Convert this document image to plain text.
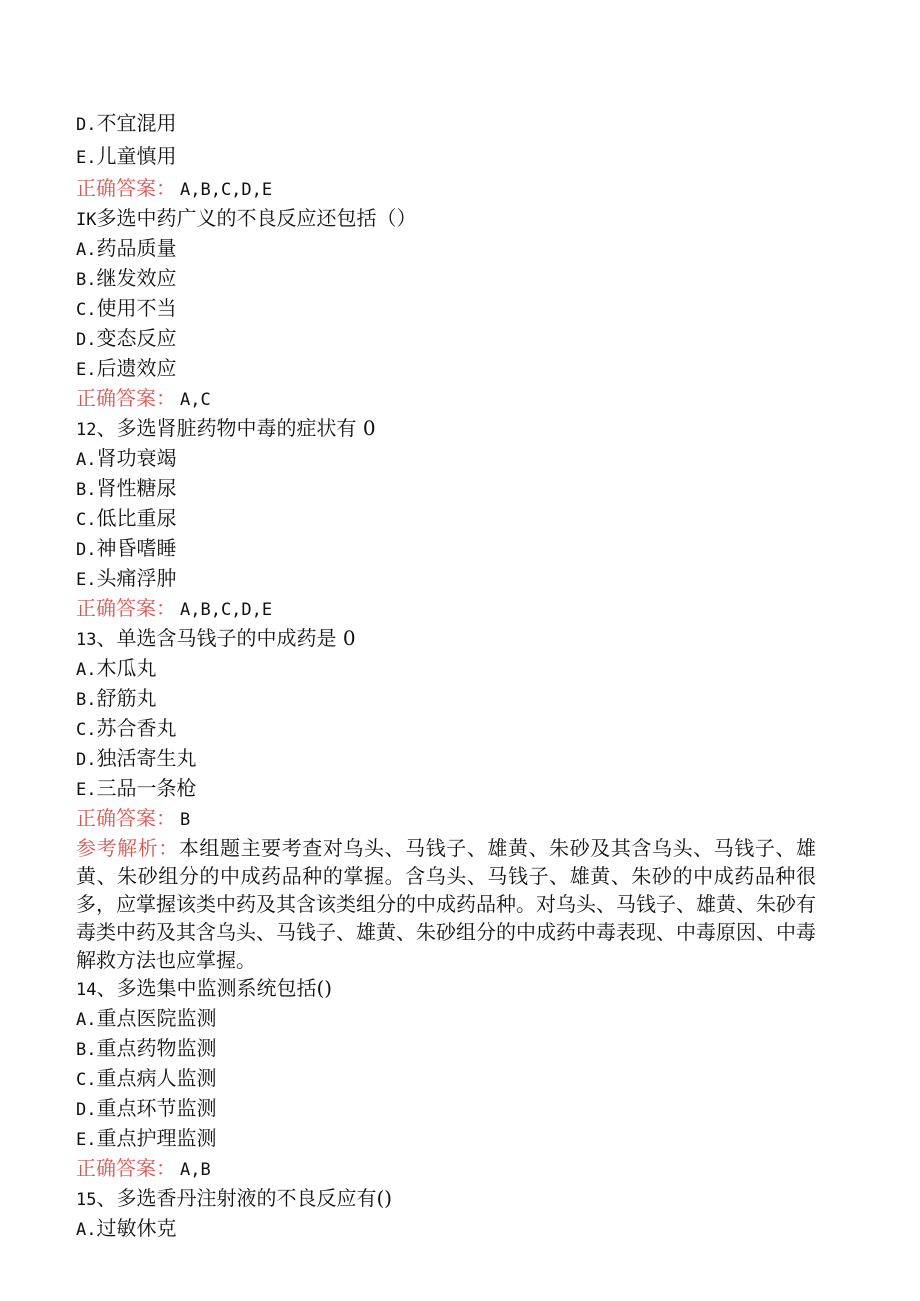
D.不宜混用

E.儿童慎用

正确答案： A,B,C,D,E

IK多选中药广义的不良反应还包括（）

A.药品质量

B.继发效应

C.使用不当

D.变态反应

E.后遗效应

正确答案： A,C

12、多选肾脏药物中毒的症状有 0

A.肾功衰竭

B.肾性糖尿

C.低比重尿

D.神昏嗜睡

E.头痛浮肿

正确答案： A,B,C,D,E

13、单选含马钱子的中成药是 0

A.木瓜丸

B.舒筋丸

C.苏合香丸

D.独活寄生丸

E.三品一条枪

正确答案： B

参考解析：本组题主要考查对乌头、马钱子、雄黄、朱砂及其含乌头、马钱子、雄黄、朱砂组分的中成药品种的掌握。含乌头、马钱子、雄黄、朱砂的中成药品种很多，应掌握该类中药及其含该类组分的中成药品种。对乌头、马钱子、雄黄、朱砂有毒类中药及其含乌头、马钱子、雄黄、朱砂组分的中成药中毒表现、中毒原因、中毒解救方法也应掌握。

14、多选集中监测系统包括()

A.重点医院监测

B.重点药物监测

C.重点病人监测

D.重点环节监测

E.重点护理监测

正确答案： A,B

15、多选香丹注射液的不良反应有()

A.过敏休克
